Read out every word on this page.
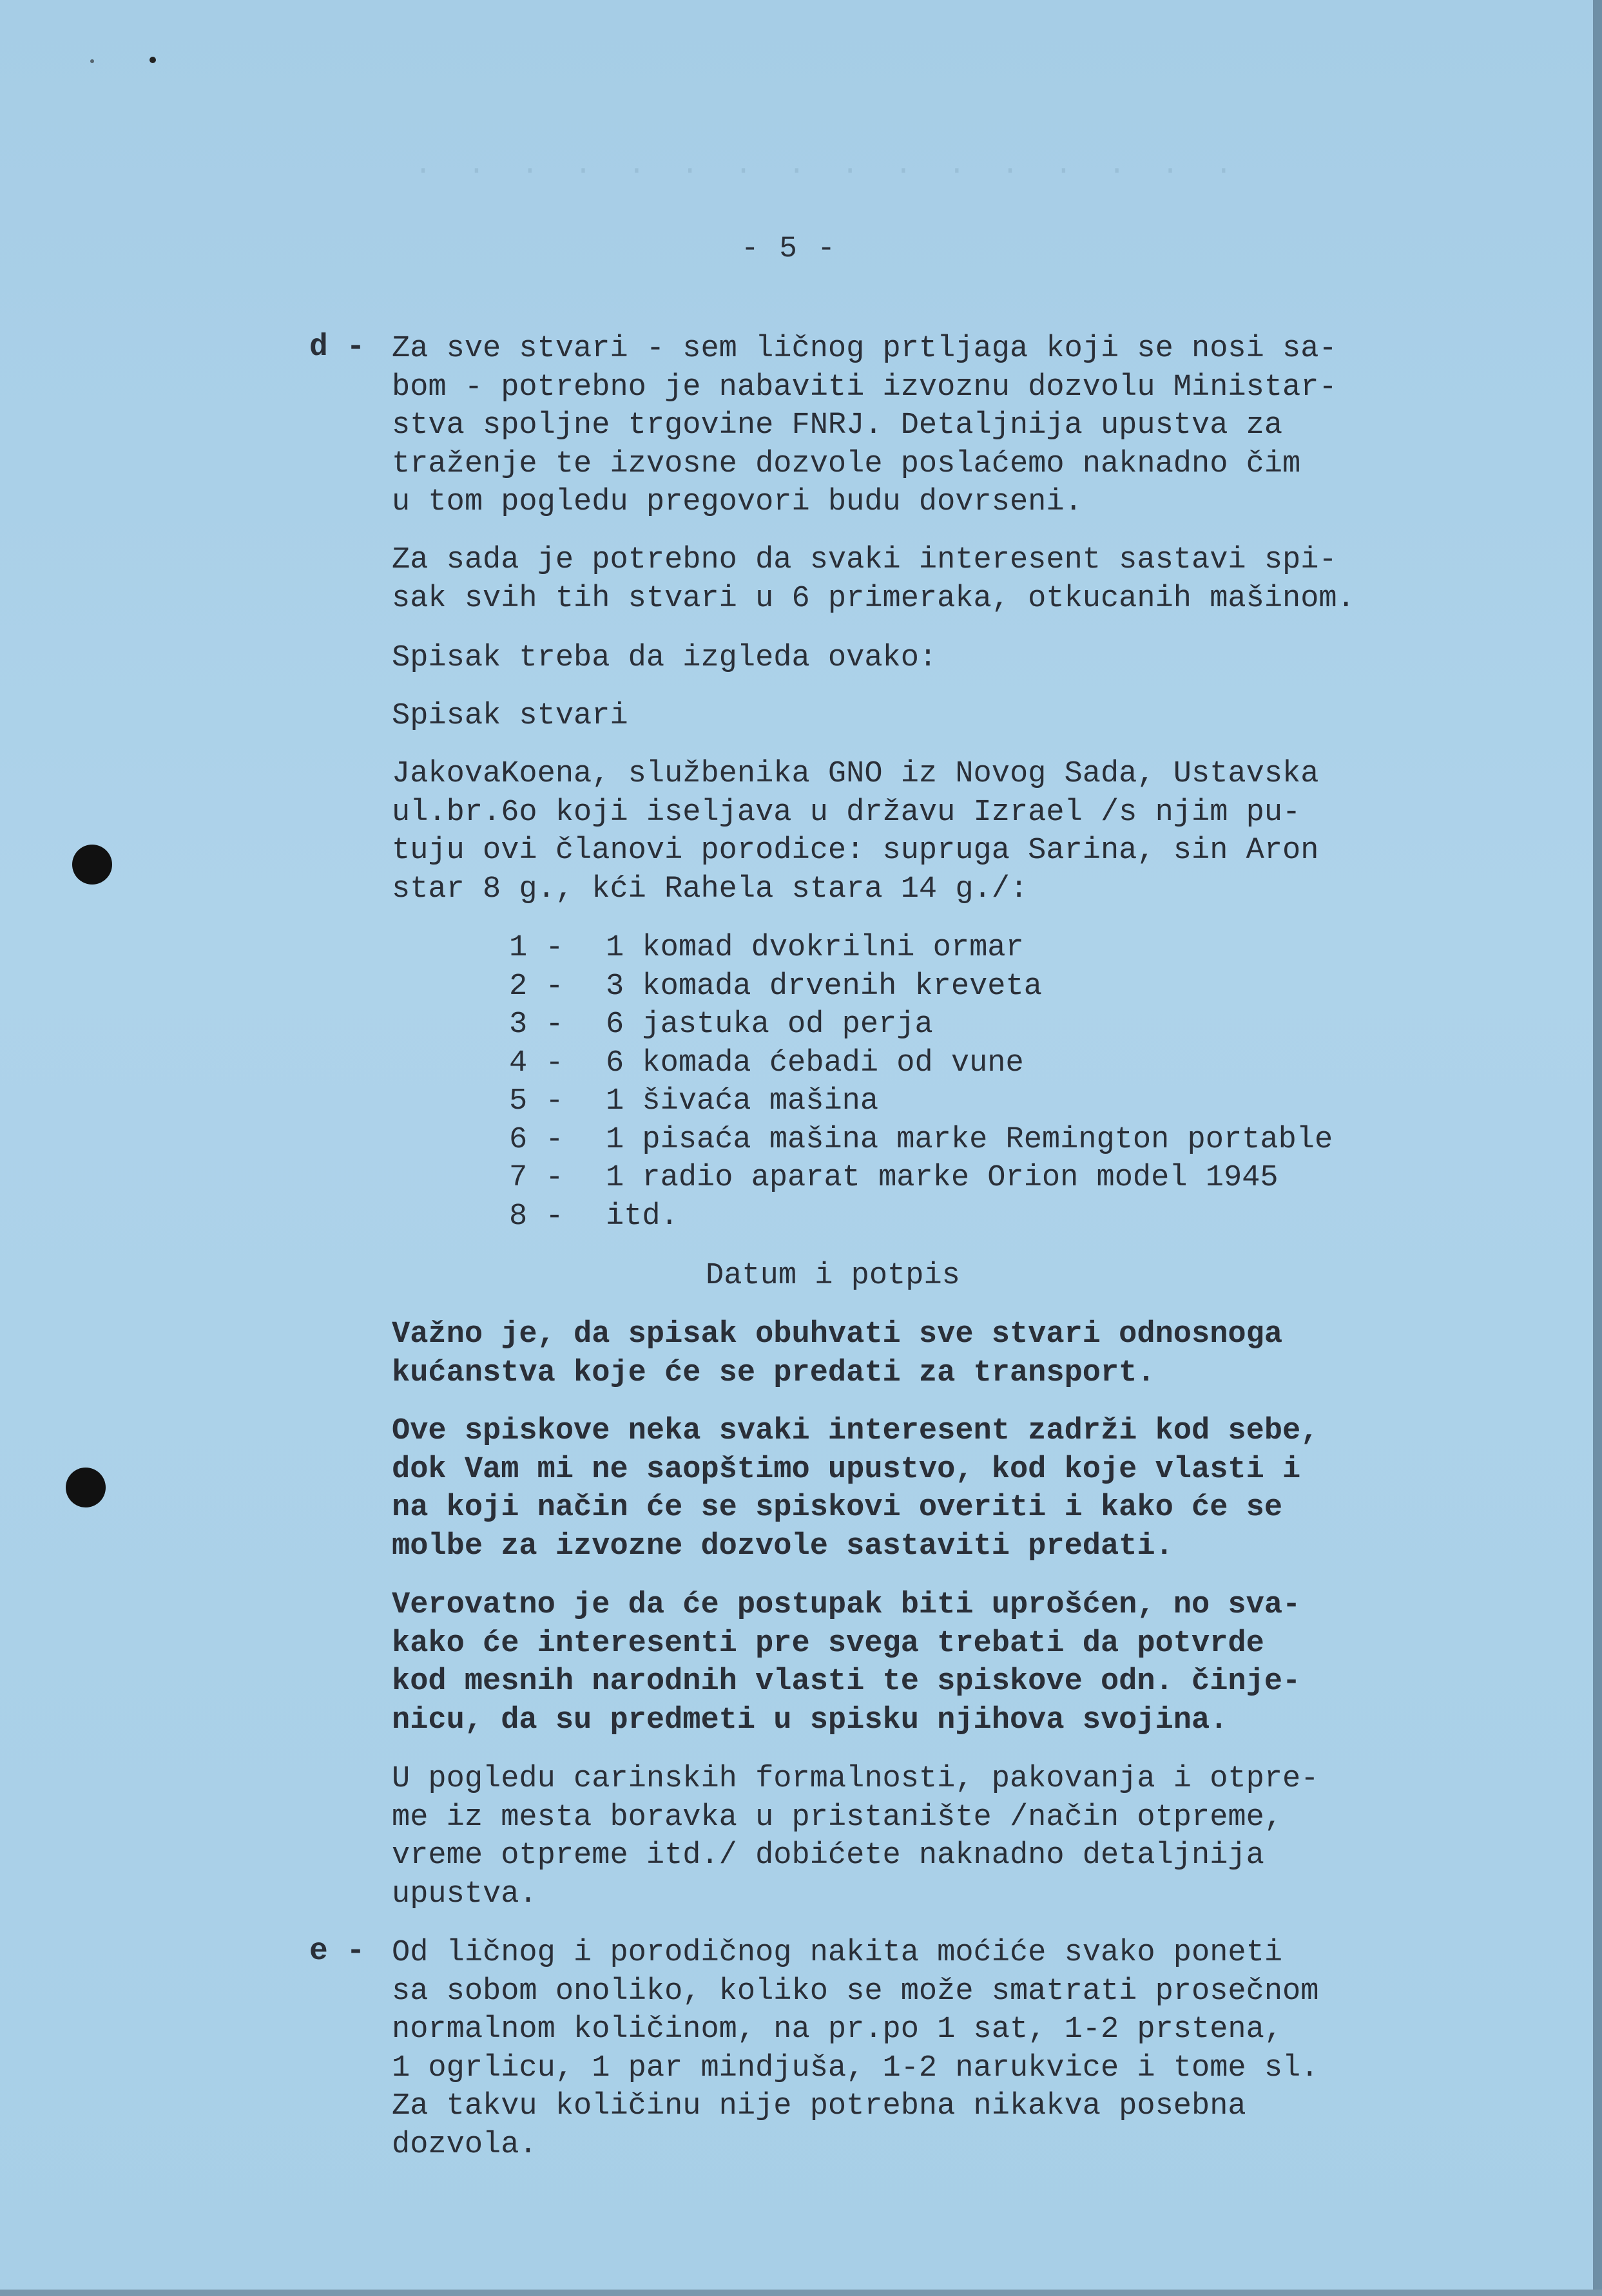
.  .  .  .  .  .  .  .  .  .  .  .  .  .  .  .
- 5 -
d - Za sve stvari - sem ličnog prtljaga koji se nosi sa-
bom - potrebno je nabaviti izvoznu dozvolu Ministar-
stva spoljne trgovine FNRJ. Detaljnija upustva za
traženje te izvosne dozvole poslaćemo naknadno čim
u tom pogledu pregovori budu dovrseni.

Za sada je potrebno da svaki interesent sastavi spi-
sak svih tih stvari u 6 primeraka, otkucanih mašinom.

Spisak treba da izgleda ovako:

Spisak stvari

JakovaKoena, službenika GNO iz Novog Sada, Ustavska
ul.br.6o koji iseljava u državu Izrael /s njim pu-
tuju ovi članovi porodice: supruga Sarina, sin Aron
star 8 g., kći Rahela stara 14 g./:

1 - 1 komad dvokrilni ormar
2 - 3 komada drvenih kreveta
3 - 6 jastuka od perja
4 - 6 komada ćebadi od vune
5 - 1 šivaća mašina
6 - 1 pisaća mašina marke Remington portable
7 - 1 radio aparat marke Orion model 1945
8 - itd.
Datum i potpis

Važno je, da spisak obuhvati sve stvari odnosnoga
kućanstva koje će se predati za transport.

Ove spiskove neka svaki interesent zadrži kod sebe,
dok Vam mi ne saopštimo upustvo, kod koje vlasti i
na koji način će se spiskovi overiti i kako će se
molbe za izvozne dozvole sastaviti predati.

Verovatno je da će postupak biti uprošćen, no sva-
kako će interesenti pre svega trebati da potvrde
kod mesnih narodnih vlasti te spiskove odn. činje-
nicu, da su predmeti u spisku njihova svojina.

U pogledu carinskih formalnosti, pakovanja i otpre-
me iz mesta boravka u pristanište /način otpreme,
vreme otpreme itd./ dobićete naknadno detaljnija
upustva.

e - Od ličnog i porodičnog nakita moćiće svako poneti
sa sobom onoliko, koliko se može smatrati prosečnom
normalnom količinom, na pr.po 1 sat, 1-2 prstena,
1 ogrlicu, 1 par mindjuša, 1-2 narukvice i tome sl.
Za takvu količinu nije potrebna nikakva posebna
dozvola.
